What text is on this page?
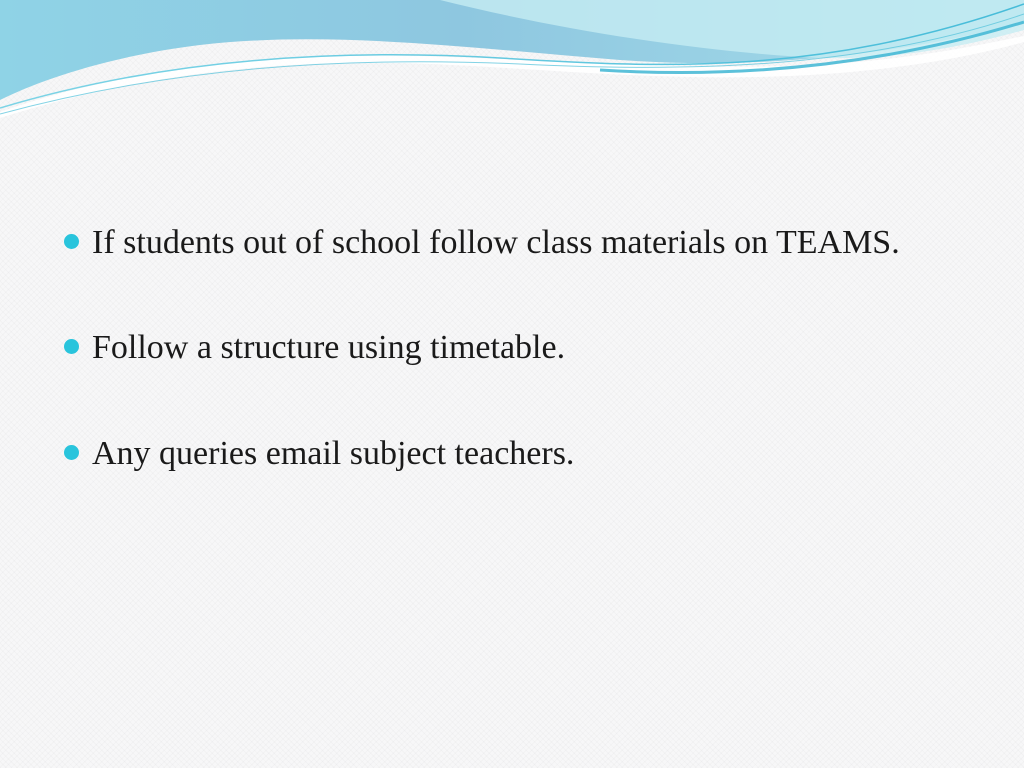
If students out of school follow class materials on TEAMS.
Follow a structure using timetable.
Any queries email subject teachers.
